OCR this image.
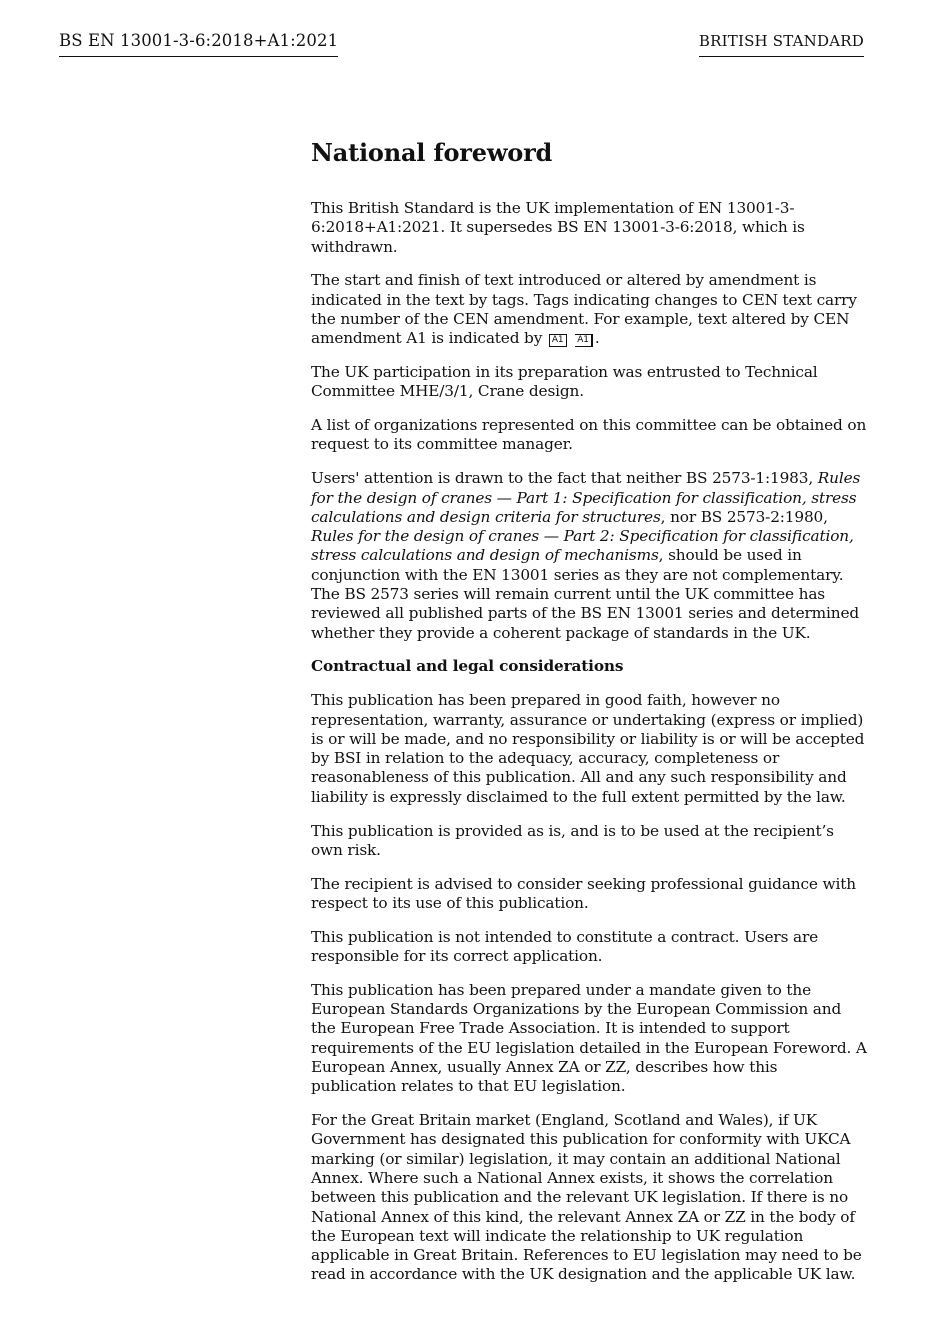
BS EN 13001-3-6:2018+A1:2021	BRITISH STANDARD
National foreword

This British Standard is the UK implementation of EN 13001-3-6:2018+A1:2021. It supersedes BS EN 13001-3-6:2018, which is withdrawn.

The start and finish of text introduced or altered by amendment is indicated in the text by tags. Tags indicating changes to CEN text carry the number of the CEN amendment. For example, text altered by CEN amendment A1 is indicated by A1 A1 .

The UK participation in its preparation was entrusted to Technical Committee MHE/3/1, Crane design.

A list of organizations represented on this committee can be obtained on request to its committee manager.

Users' attention is drawn to the fact that neither BS 2573-1:1983, Rules for the design of cranes — Part 1: Specification for classification, stress calculations and design criteria for structures, nor BS 2573-2:1980, Rules for the design of cranes — Part 2: Specification for classification, stress calculations and design of mechanisms, should be used in conjunction with the EN 13001 series as they are not complementary. The BS 2573 series will remain current until the UK committee has reviewed all published parts of the BS EN 13001 series and determined whether they provide a coherent package of standards in the UK.

Contractual and legal considerations

This publication has been prepared in good faith, however no representation, warranty, assurance or undertaking (express or implied) is or will be made, and no responsibility or liability is or will be accepted by BSI in relation to the adequacy, accuracy, completeness or reasonableness of this publication. All and any such responsibility and liability is expressly disclaimed to the full extent permitted by the law.

This publication is provided as is, and is to be used at the recipient’s own risk.

The recipient is advised to consider seeking professional guidance with respect to its use of this publication.

This publication is not intended to constitute a contract. Users are responsible for its correct application.

This publication has been prepared under a mandate given to the European Standards Organizations by the European Commission and the European Free Trade Association. It is intended to support requirements of the EU legislation detailed in the European Foreword. A European Annex, usually Annex ZA or ZZ, describes how this publication relates to that EU legislation.

For the Great Britain market (England, Scotland and Wales), if UK Government has designated this publication for conformity with UKCA marking (or similar) legislation, it may contain an additional National Annex. Where such a National Annex exists, it shows the correlation between this publication and the relevant UK legislation. If there is no National Annex of this kind, the relevant Annex ZA or ZZ in the body of the European text will indicate the relationship to UK regulation applicable in Great Britain. References to EU legislation may need to be read in accordance with the UK designation and the applicable UK law.
